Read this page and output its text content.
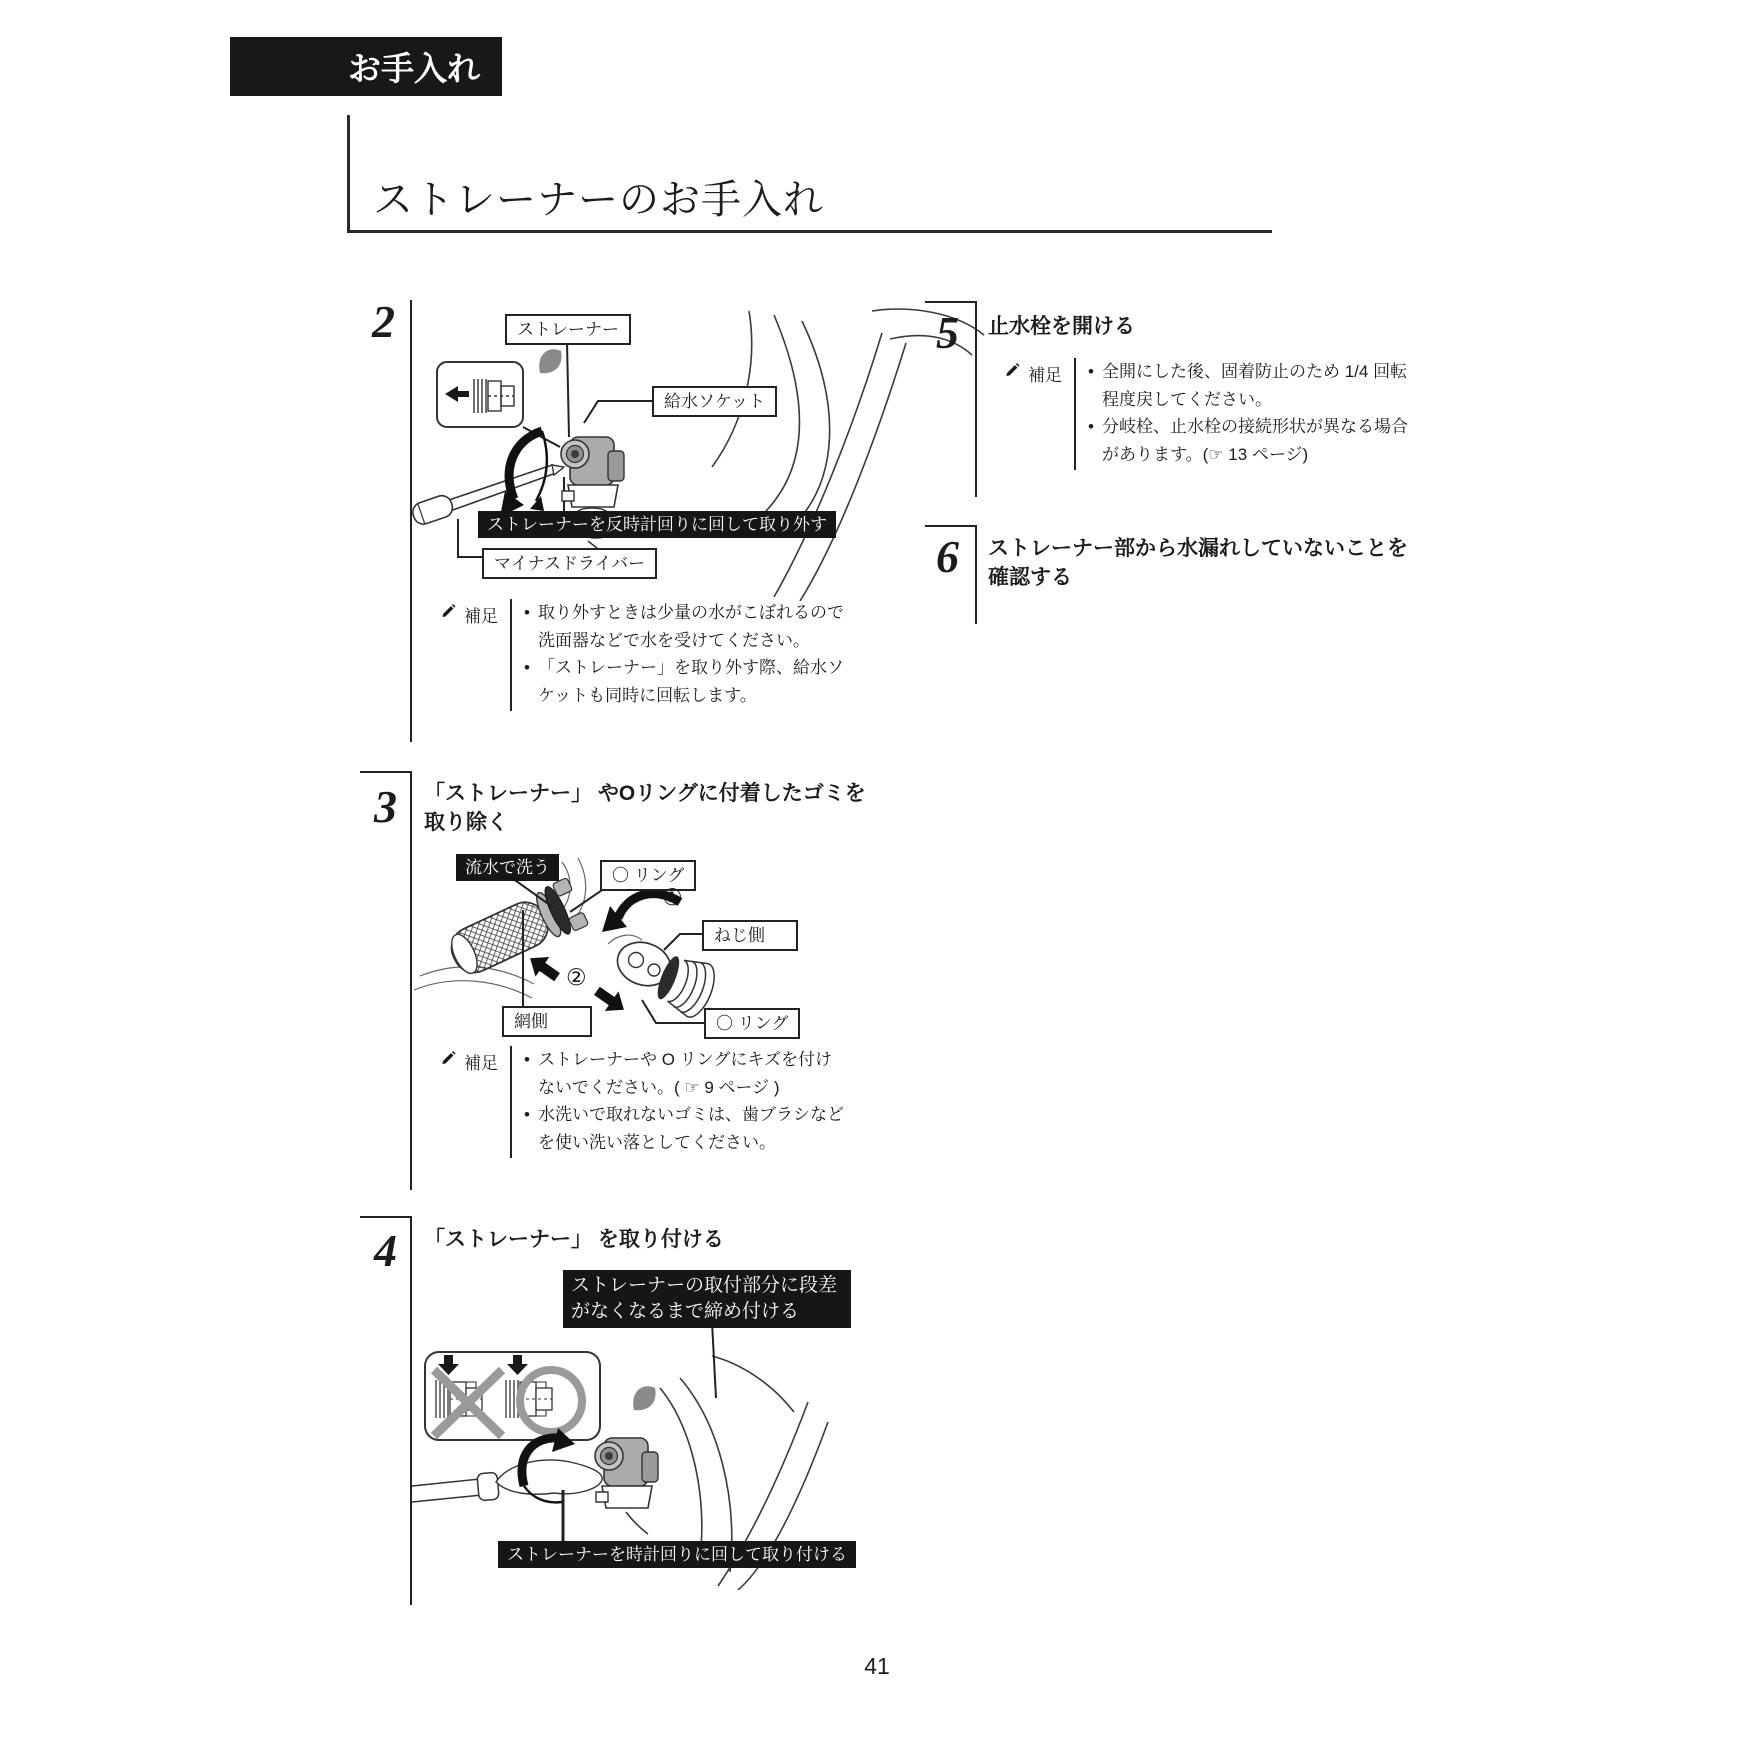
お手入れ
ストレーナーのお手入れ
2	ストレーナー
給水ソケット
ストレーナーを反時計回りに回して取り外す
マイナスドライバー
補足	• 取り外すときは少量の水がこぼれるので洗面器などで水を受けてください。
• 「ストレーナー」を取り外す際、給水ソケットも同時に回転します。
3 「ストレーナー」 やOリングに付着したゴミを取り除く
流水で洗う	〇 リング
①
ねじ側
②
網側	〇 リング
補足	• ストレーナーや O リングにキズを付けないでください。( ☞ 9 ページ )
• 水洗いで取れないゴミは、歯ブラシなどを使い洗い落としてください。
4 「ストレーナー」 を取り付ける
ストレーナーの取付部分に段差がなくなるまで締め付ける
ストレーナーを時計回りに回して取り付ける
5 止水栓を開ける
補足	• 全開にした後、固着防止のため 1/4 回転程度戻してください。
• 分岐栓、止水栓の接続形状が異なる場合があります。(☞ 13 ページ)
6 ストレーナー部から水漏れしていないことを確認する
41
